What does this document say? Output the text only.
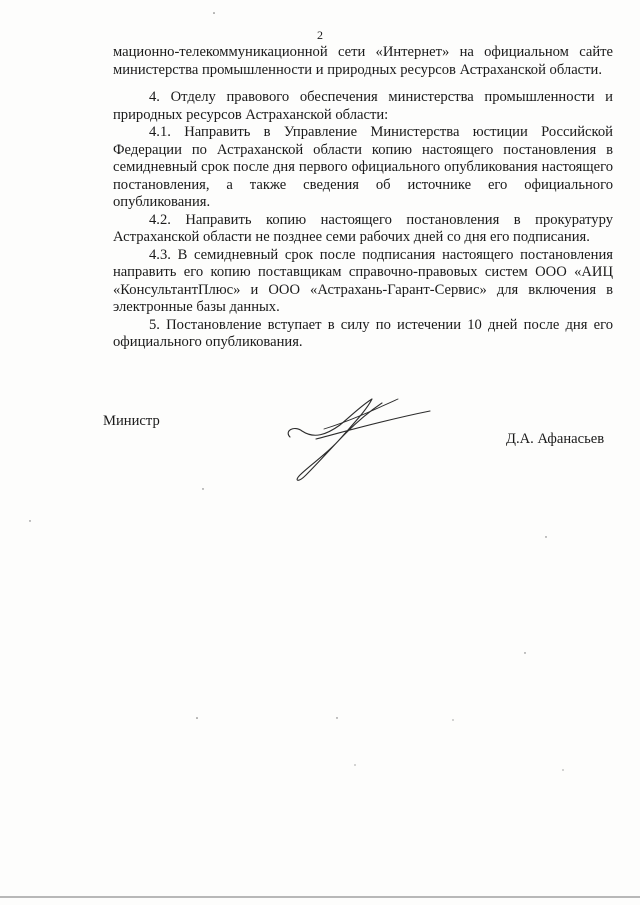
2

мационно-телекоммуникационной сети «Интернет» на официальном сайте министерства промышленности и природных ресурсов Астраханской области.

4. Отделу правового обеспечения министерства промышленности и природных ресурсов Астраханской области:

4.1. Направить в Управление Министерства юстиции Российской Федерации по Астраханской области копию настоящего постановления в семидневный срок после дня первого официального опубликования настоящего постановления, а также сведения об источнике его официального опубликования.

4.2. Направить копию настоящего постановления в прокуратуру Астраханской области не позднее семи рабочих дней со дня его подписания.

4.3. В семидневный срок после подписания настоящего постановления направить его копию поставщикам справочно-правовых систем ООО «АИЦ «КонсультантПлюс» и ООО «Астрахань-Гарант-Сервис» для включения в электронные базы данных.

5. Постановление вступает в силу по истечении 10 дней после дня его официального опубликования.

Министр
Д.А. Афанасьев
